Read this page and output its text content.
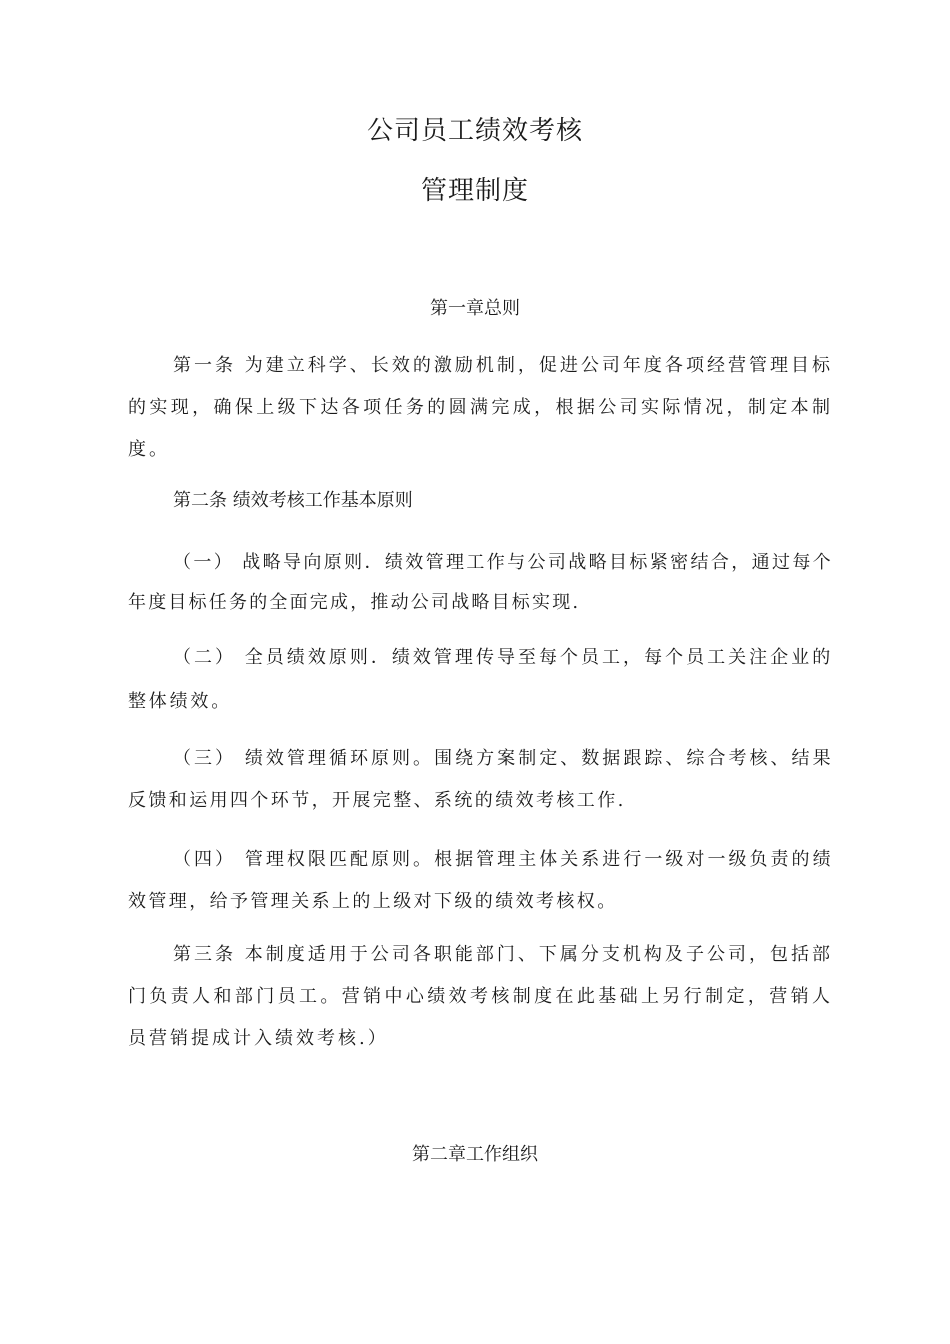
公司员工绩效考核
管理制度
第一章总则
第一条 为建立科学、长效的激励机制，促进公司年度各项经营管理目标的实现，确保上级下达各项任务的圆满完成，根据公司实际情况，制定本制度。
第二条 绩效考核工作基本原则
（一） 战略导向原则．绩效管理工作与公司战略目标紧密结合，通过每个年度目标任务的全面完成，推动公司战略目标实现.
（二） 全员绩效原则．绩效管理传导至每个员工，每个员工关注企业的整体绩效。
（三） 绩效管理循环原则。围绕方案制定、数据跟踪、综合考核、结果反馈和运用四个环节，开展完整、系统的绩效考核工作.
（四） 管理权限匹配原则。根据管理主体关系进行一级对一级负责的绩效管理，给予管理关系上的上级对下级的绩效考核权。
第三条 本制度适用于公司各职能部门、下属分支机构及子公司，包括部门负责人和部门员工。营销中心绩效考核制度在此基础上另行制定，营销人员营销提成计入绩效考核.）
第二章工作组织
